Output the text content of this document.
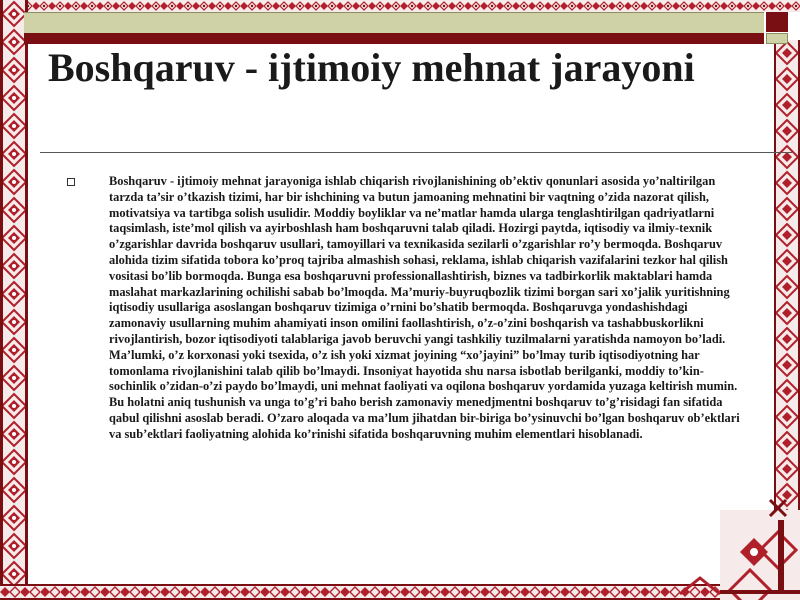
Boshqaruv - ijtimoiy mehnat jarayoni

Boshqaruv - ijtimoiy mehnat jarayoniga ishlab chiqarish rivojlanishining ob’ektiv qonunlari asosida yo’naltirilgan tarzda ta’sir o’tkazish tizimi, har bir ishchining va butun jamoaning mehnatini bir vaqtning o’zida nazorat qilish, motivatsiya va tartibga solish usulidir. Moddiy boyliklar va ne’matlar hamda ularga tenglashtirilgan qadriyatlarni taqsimlash, iste’mol qilish va ayirboshlash ham boshqaruvni talab qiladi. Hozirgi paytda, iqtisodiy va ilmiy-texnik o’zgarishlar davrida boshqaruv usullari, tamoyillari va texnikasida sezilarli o’zgarishlar ro’y bermoqda. Boshqaruv alohida tizim sifatida tobora ko’proq tajriba almashish sohasi, reklama, ishlab chiqarish vazifalarini tezkor hal qilish vositasi bo’lib bormoqda. Bunga esa boshqaruvni professionallashtirish, biznes va tadbirkorlik maktablari hamda maslahat markazlarining ochilishi sabab bo’lmoqda. Ma’muriy-buyruqbozlik tizimi borgan sari xo’jalik yuritishning iqtisodiy usullariga asoslangan boshqaruv tizimiga o’rnini bo’shatib bermoqda. Boshqaruvga yondashishdagi zamonaviy usullarning muhim ahamiyati inson omilini faollashtirish, o’z-o’zini boshqarish va tashabbuskorlikni rivojlantirish, bozor iqtisodiyoti talablariga javob beruvchi yangi tashkiliy tuzilmalarni yaratishda namoyon bo’ladi. Ma’lumki, o’z korxonasi yoki tsexida, o’z ish yoki xizmat joyining “xo’jayini” bo’lmay turib iqtisodiyotning har tomonlama rivojlanishini talab qilib bo’lmaydi. Insoniyat hayotida shu narsa isbotlab berilganki, moddiy to’kin-sochinlik o’zidan-o’zi paydo bo’lmaydi, uni mehnat faoliyati va oqilona boshqaruv yordamida yuzaga keltirish mumin. Bu holatni aniq tushunish va unga to’g’ri baho berish zamonaviy menedjmentni boshqaruv to’g’risidagi fan sifatida qabul qilishni asoslab beradi. O’zaro aloqada va ma’lum jihatdan bir-biriga bo’ysinuvchi bo’lgan boshqaruv ob’ektlari va sub’ektlari faoliyatning alohida ko’rinishi sifatida boshqaruvning muhim elementlari hisoblanadi.
